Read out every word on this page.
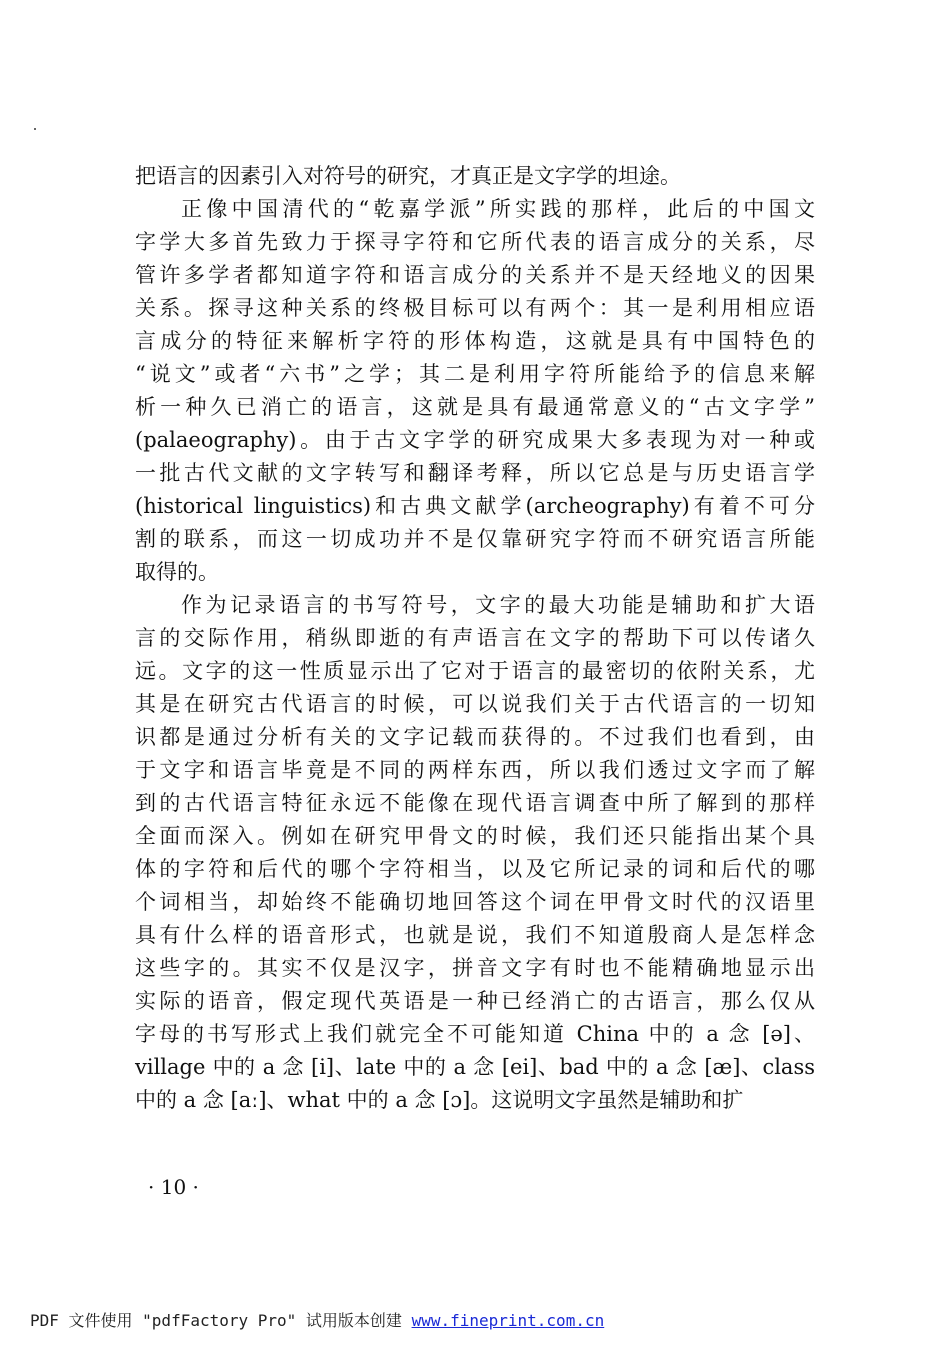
把语言的因素引入对符号的研究，才真正是文字学的坦途。
正像中国清代的“乾嘉学派”所实践的那样，此后的中国文
字学大多首先致力于探寻字符和它所代表的语言成分的关系，尽
管许多学者都知道字符和语言成分的关系并不是天经地义的因果
关系。探寻这种关系的终极目标可以有两个：其一是利用相应语
言成分的特征来解析字符的形体构造，这就是具有中国特色的
“说文”或者“六书”之学；其二是利用字符所能给予的信息来解
析一种久已消亡的语言，这就是具有最通常意义的“古文字学”
(palaeography)。由于古文字学的研究成果大多表现为对一种或
一批古代文献的文字转写和翻译考释，所以它总是与历史语言学
(historical linguistics)和古典文献学(archeography)有着不可分
割的联系，而这一切成功并不是仅靠研究字符而不研究语言所能
取得的。
作为记录语言的书写符号，文字的最大功能是辅助和扩大语
言的交际作用，稍纵即逝的有声语言在文字的帮助下可以传诸久
远。文字的这一性质显示出了它对于语言的最密切的依附关系，尤
其是在研究古代语言的时候，可以说我们关于古代语言的一切知
识都是通过分析有关的文字记载而获得的。不过我们也看到，由
于文字和语言毕竟是不同的两样东西，所以我们透过文字而了解
到的古代语言特征永远不能像在现代语言调查中所了解到的那样
全面而深入。例如在研究甲骨文的时候，我们还只能指出某个具
体的字符和后代的哪个字符相当，以及它所记录的词和后代的哪
个词相当，却始终不能确切地回答这个词在甲骨文时代的汉语里
具有什么样的语音形式，也就是说，我们不知道殷商人是怎样念
这些字的。其实不仅是汉字，拼音文字有时也不能精确地显示出
实际的语音，假定现代英语是一种已经消亡的古语言，那么仅从
字母的书写形式上我们就完全不可能知道 China 中的 a 念 [ə]、
village 中的 a 念 [i]、late 中的 a 念 [ei]、bad 中的 a 念 [æ]、class
中的 a 念 [aː]、what 中的 a 念 [ɔ]。这说明文字虽然是辅助和扩
· 10 ·
PDF 文件使用 "pdfFactory Pro" 试用版本创建 www.fineprint.com.cn
